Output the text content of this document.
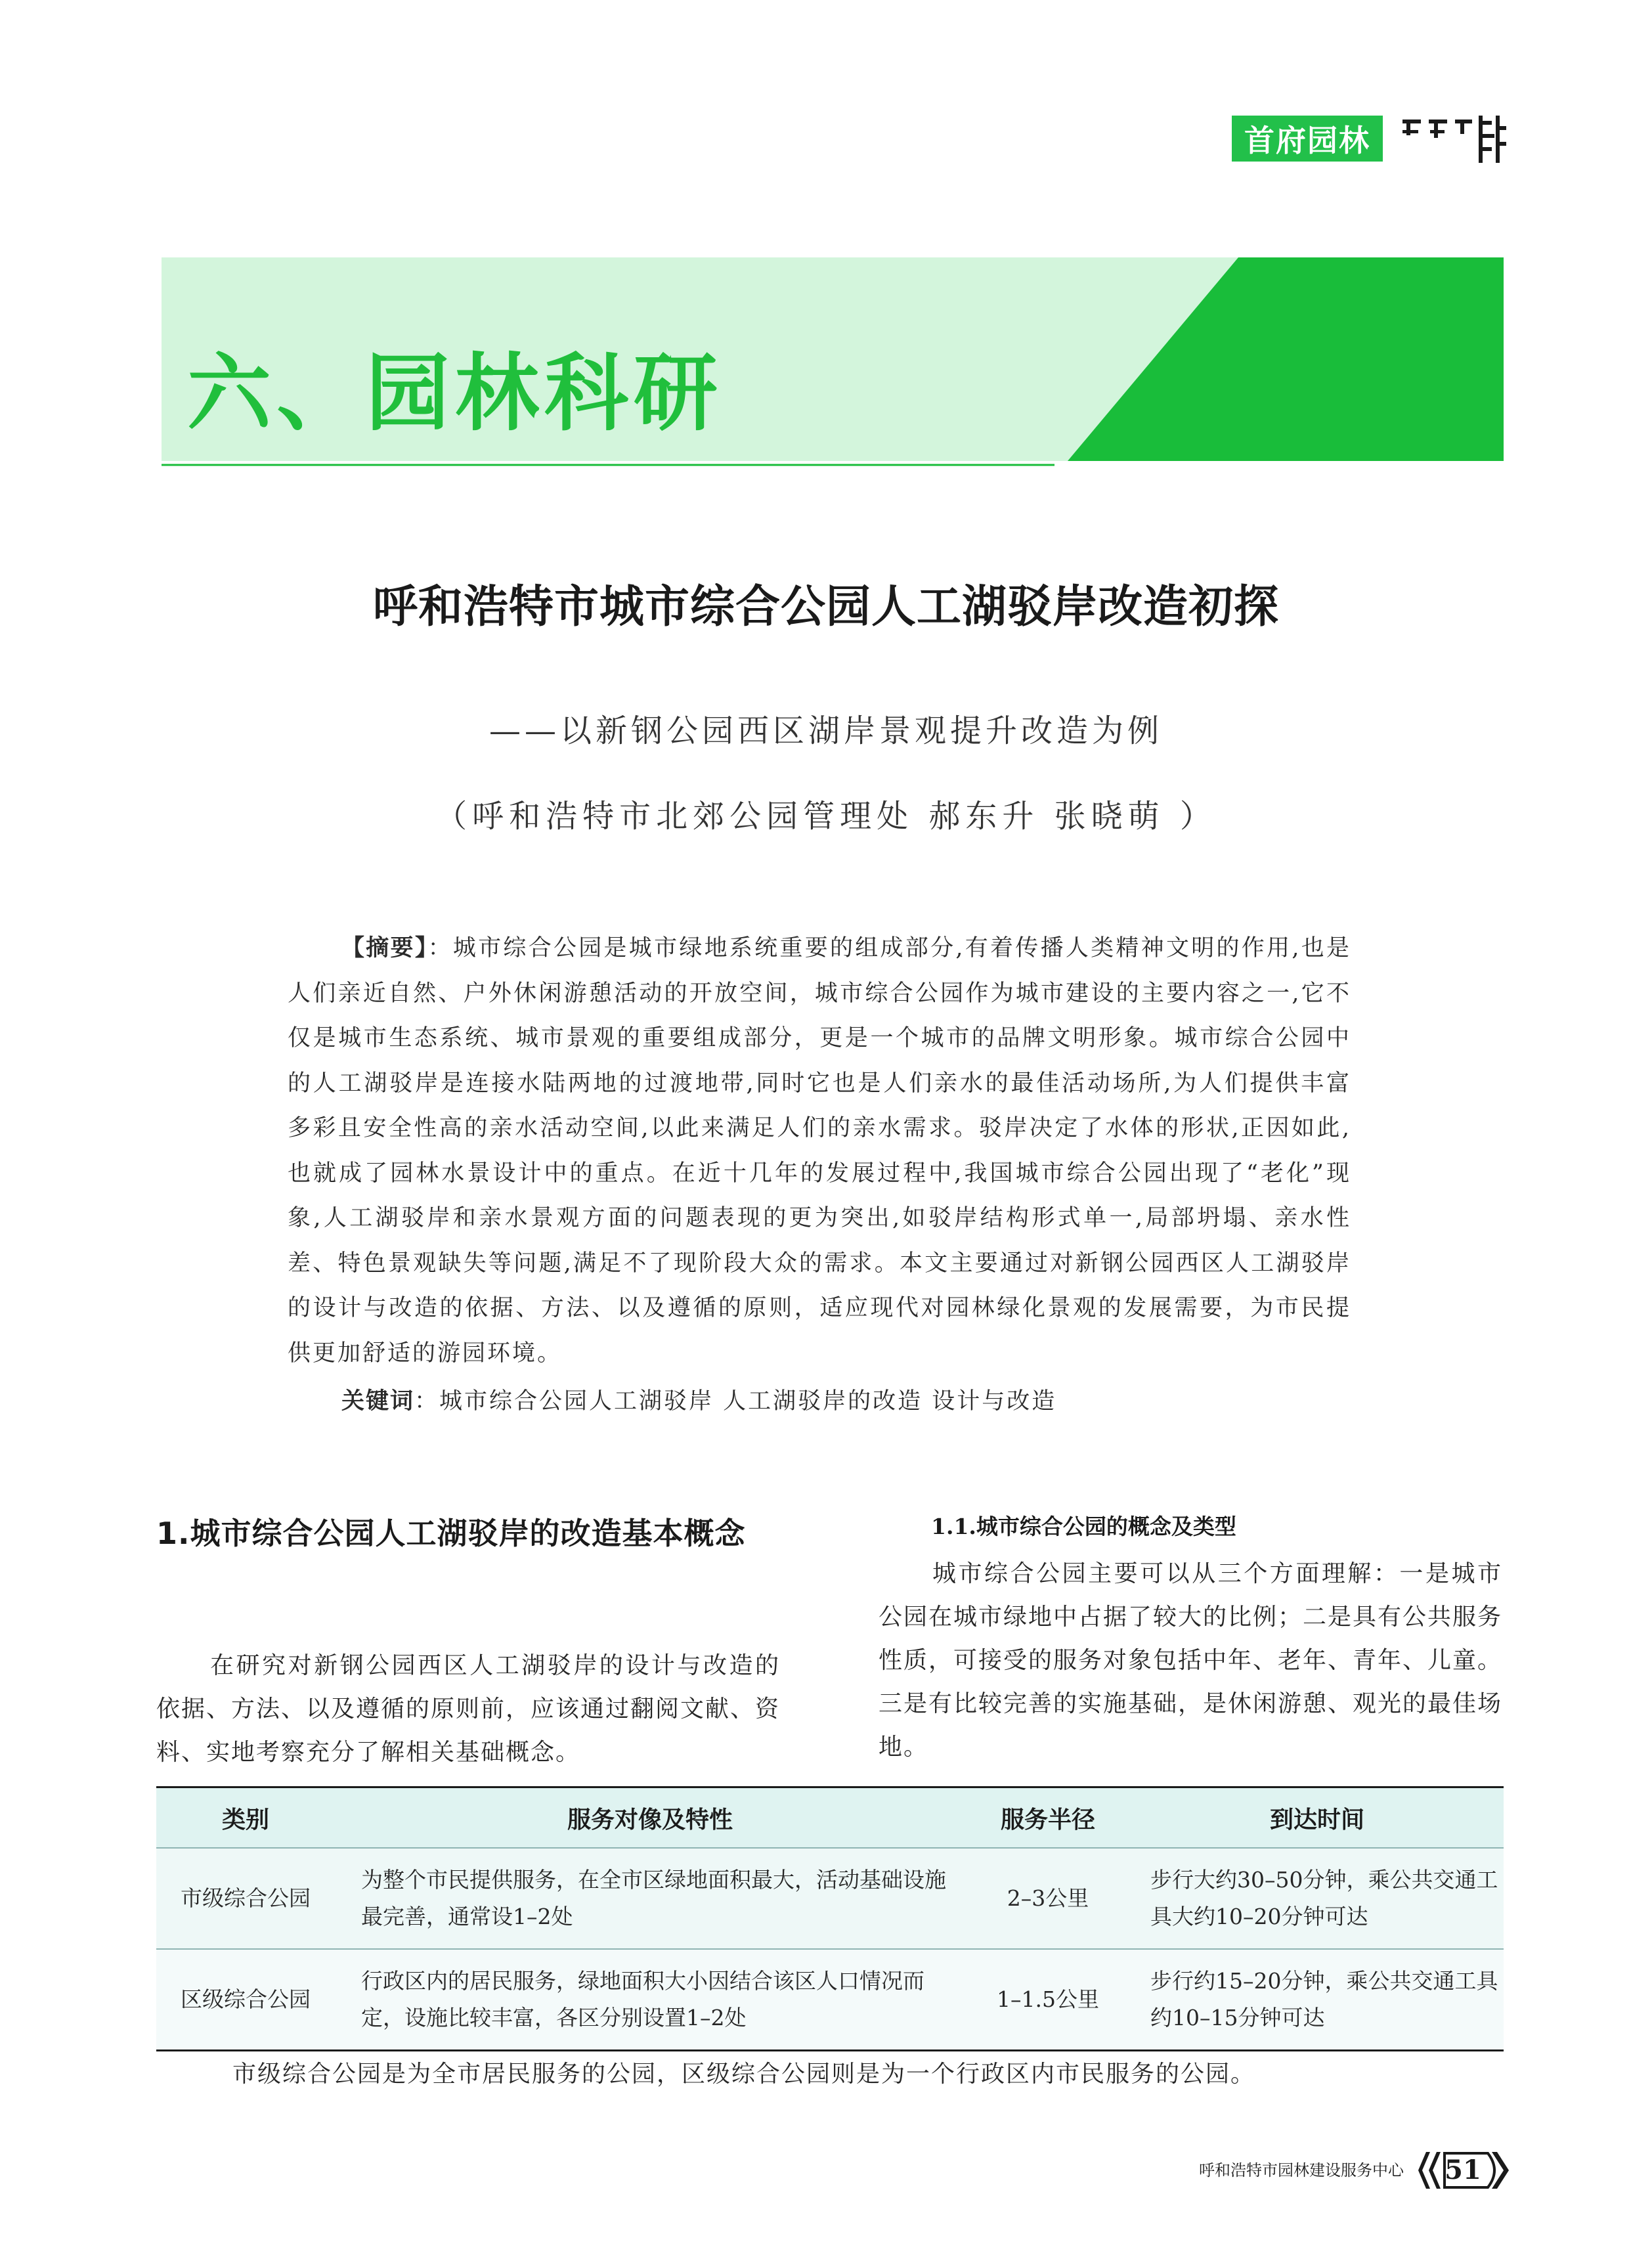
首府园林
六、园林科研
呼和浩特市城市综合公园人工湖驳岸改造初探
——以新钢公园西区湖岸景观提升改造为例
（呼和浩特市北郊公园管理处 郝东升 张晓萌 ）
【摘要】：城市综合公园是城市绿地系统重要的组成部分,有着传播人类精神文明的作用,也是人们亲近自然、户外休闲游憩活动的开放空间，城市综合公园作为城市建设的主要内容之一,它不仅是城市生态系统、城市景观的重要组成部分，更是一个城市的品牌文明形象。城市综合公园中的人工湖驳岸是连接水陆两地的过渡地带,同时它也是人们亲水的最佳活动场所,为人们提供丰富多彩且安全性高的亲水活动空间,以此来满足人们的亲水需求。驳岸决定了水体的形状,正因如此,也就成了园林水景设计中的重点。在近十几年的发展过程中,我国城市综合公园出现了“老化”现象,人工湖驳岸和亲水景观方面的问题表现的更为突出,如驳岸结构形式单一,局部坍塌、亲水性差、特色景观缺失等问题,满足不了现阶段大众的需求。本文主要通过对新钢公园西区人工湖驳岸的设计与改造的依据、方法、以及遵循的原则，适应现代对园林绿化景观的发展需要，为市民提供更加舒适的游园环境。
关键词：城市综合公园人工湖驳岸 人工湖驳岸的改造 设计与改造
1.城市综合公园人工湖驳岸的改造基本概念
在研究对新钢公园西区人工湖驳岸的设计与改造的依据、方法、以及遵循的原则前，应该通过翻阅文献、资料、实地考察充分了解相关基础概念。
1.1.城市综合公园的概念及类型
城市综合公园主要可以从三个方面理解：一是城市公园在城市绿地中占据了较大的比例；二是具有公共服务性质，可接受的服务对象包括中年、老年、青年、儿童。三是有比较完善的实施基础，是休闲游憩、观光的最佳场地。
类别	服务对像及特性	服务半径	到达时间
市级综合公园	为整个市民提供服务，在全市区绿地面积最大，活动基础设施最完善，通常设1–2处	2–3公里	步行大约30–50分钟，乘公共交通工具大约10–20分钟可达
区级综合公园	行政区内的居民服务，绿地面积大小因结合该区人口情况而定，设施比较丰富，各区分别设置1–2处	1–1.5公里	步行约15–20分钟，乘公共交通工具约10–15分钟可达
市级综合公园是为全市居民服务的公园，区级综合公园则是为一个行政区内市民服务的公园。
呼和浩特市园林建设服务中心	51
